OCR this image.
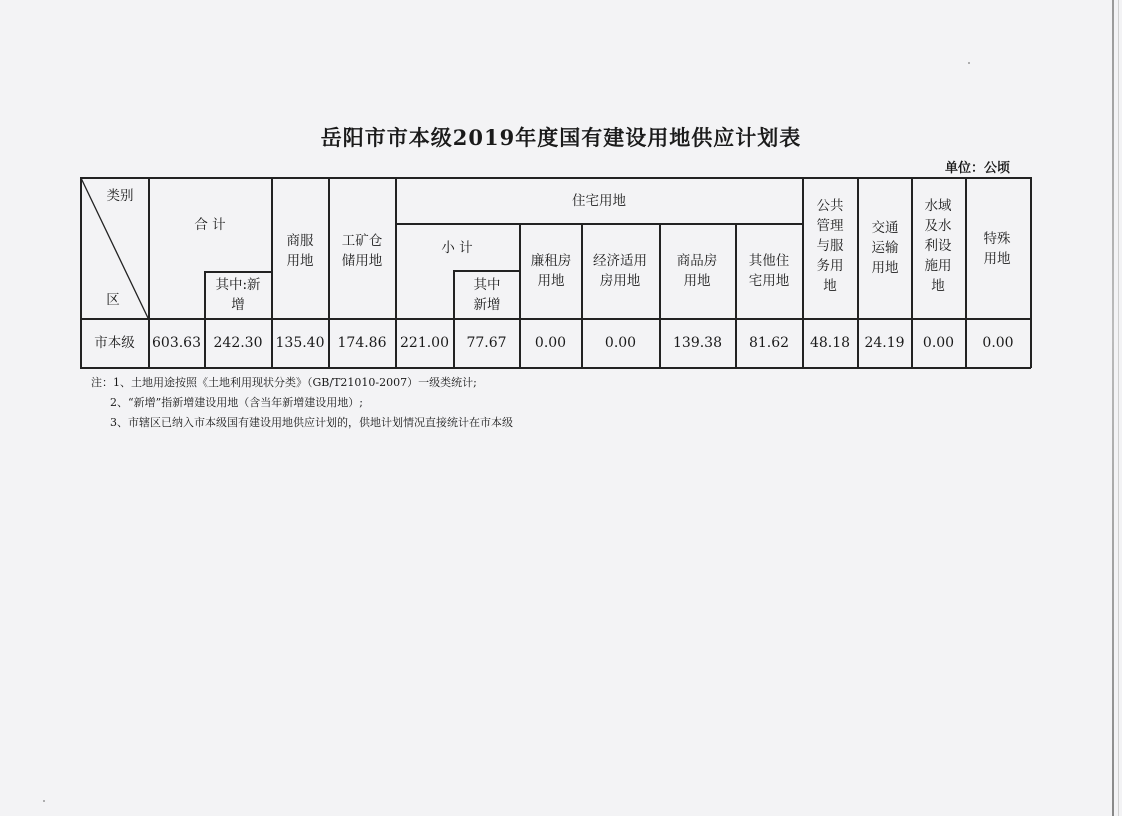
岳阳市市本级2019年度国有建设用地供应计划表
单位：公顷
类别
区
合 计
其中:新增
商服用地
工矿仓储用地
住宅用地
小 计
其中新增
廉租房用地
经济适用房用地
商品房用地
其他住宅用地
公共管理与服务用地
交通运输用地
水域及水利设施用地
特殊用地
市本级	603.63 242.30 135.40 174.86 221.00	77.67	0.00	0.00	139.38	81.62	48.18	24.19	0.00	0.00
注：1、土地用途按照《土地利用现状分类》（GB/T21010-2007）一级类统计;
2、“新增”指新增建设用地（含当年新增建设用地）;
3、市辖区已纳入市本级国有建设用地供应计划的，供地计划情况直接统计在市本级
